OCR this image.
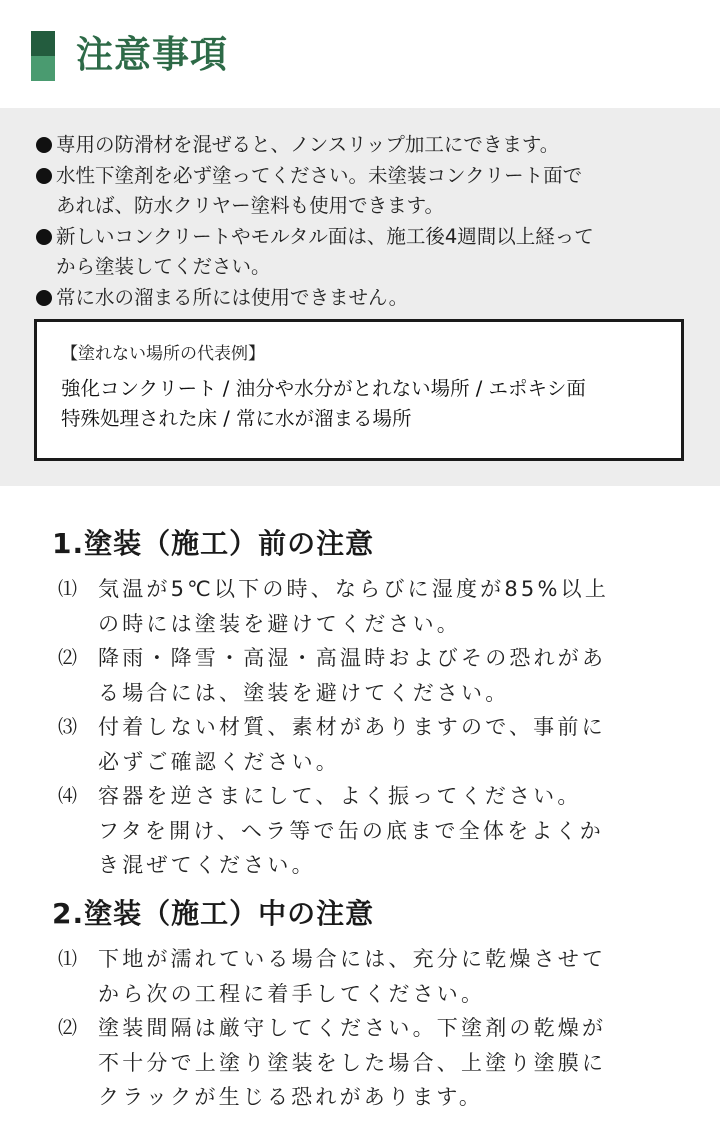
注意事項
専用の防滑材を混ぜると、ノンスリップ加工にできます。
水性下塗剤を必ず塗ってください。未塗装コンクリート面で
あれば、防水クリヤー塗料も使用できます。
新しいコンクリートやモルタル面は、施工後4週間以上経って
から塗装してください。
常に水の溜まる所には使用できません。
【塗れない場所の代表例】
強化コンクリート / 油分や水分がとれない場所 / エポキシ面
特殊処理された床 / 常に水が溜まる場所
1.塗装（施工）前の注意
⑴ 気温が5℃以下の時、ならびに湿度が85%以上
の時には塗装を避けてください。
⑵ 降雨・降雪・高湿・高温時およびその恐れがあ
る場合には、塗装を避けてください。
⑶ 付着しない材質、素材がありますので、事前に
必ずご確認ください。
⑷ 容器を逆さまにして、よく振ってください。
フタを開け、ヘラ等で缶の底まで全体をよくか
き混ぜてください。
2.塗装（施工）中の注意
⑴ 下地が濡れている場合には、充分に乾燥させて
から次の工程に着手してください。
⑵ 塗装間隔は厳守してください。下塗剤の乾燥が
不十分で上塗り塗装をした場合、上塗り塗膜に
クラックが生じる恐れがあります。
